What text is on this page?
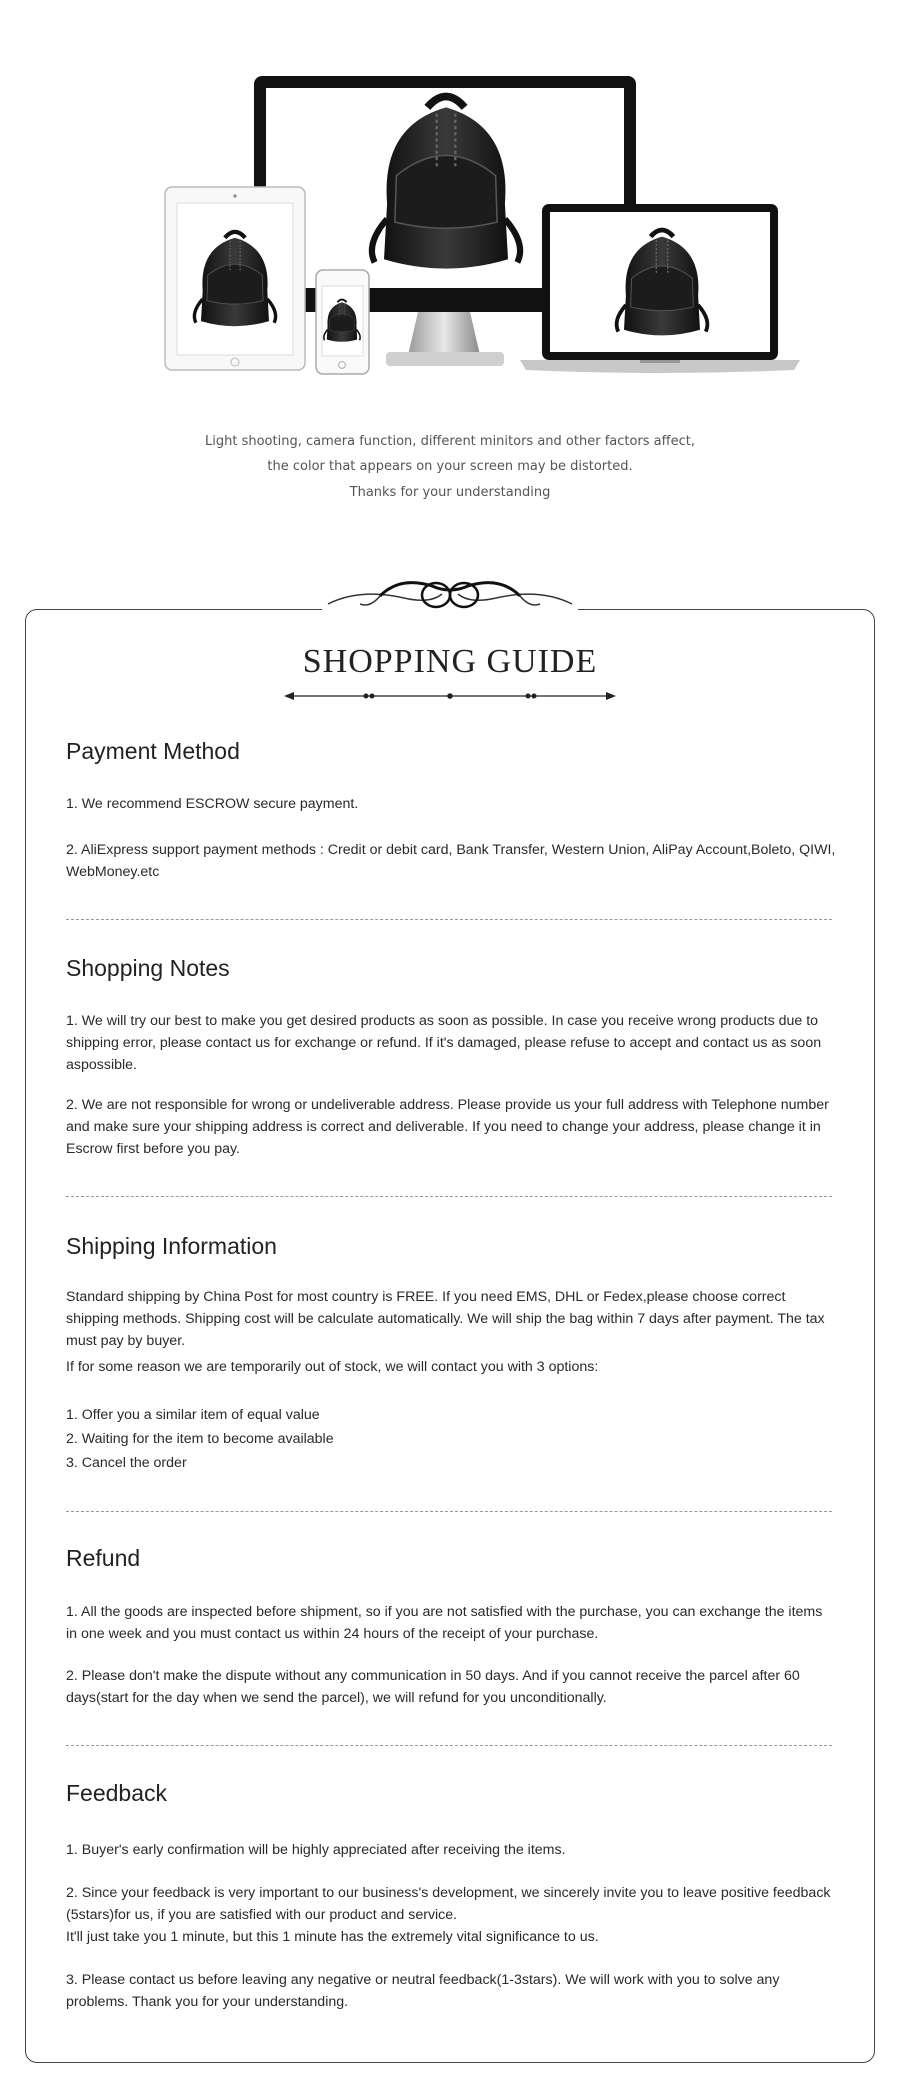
Light shooting, camera function, different minitors and other factors affect,
the color that appears on your screen may be distorted.
Thanks for your understanding
SHOPPING GUIDE
Payment Method

1. We recommend ESCROW secure payment.

2. AliExpress support payment methods : Credit or debit card, Bank Transfer, Western Union, AliPay Account,Boleto, QIWI, WebMoney.etc

Shopping Notes

1. We will try our best to make you get desired products as soon as possible. In case you receive wrong products due to shipping error, please contact us for exchange or refund. If it's damaged, please refuse to accept and contact us as soon aspossible.

2. We are not responsible for wrong or undeliverable address. Please provide us your full address with Telephone number and make sure your shipping address is correct and deliverable. If you need to change your address, please change it in Escrow first before you pay.

Shipping Information

Standard shipping by China Post for most country is FREE. If you need EMS, DHL or Fedex,please choose correct shipping methods. Shipping cost will be calculate automatically. We will ship the bag within 7 days after payment. The tax must pay by buyer.

If for some reason we are temporarily out of stock, we will contact you with 3 options:

1. Offer you a similar item of equal value

2. Waiting for the item to become available

3. Cancel the order

Refund

1. All the goods are inspected before shipment, so if you are not satisfied with the purchase, you can exchange the items in one week and you must contact us within 24 hours of the receipt of your purchase.

2. Please don't make the dispute without any communication in 50 days. And if you cannot receive the parcel after 60 days(start for the day when we send the parcel), we will refund for you unconditionally.

Feedback

1. Buyer's early confirmation will be highly appreciated after receiving the items.

2. Since your feedback is very important to our business's development, we sincerely invite you to leave positive feedback (5stars)for us, if you are satisfied with our product and service.

It'll just take you 1 minute, but this 1 minute has the extremely vital significance to us.

3. Please contact us before leaving any negative or neutral feedback(1-3stars). We will work with you to solve any problems. Thank you for your understanding.
